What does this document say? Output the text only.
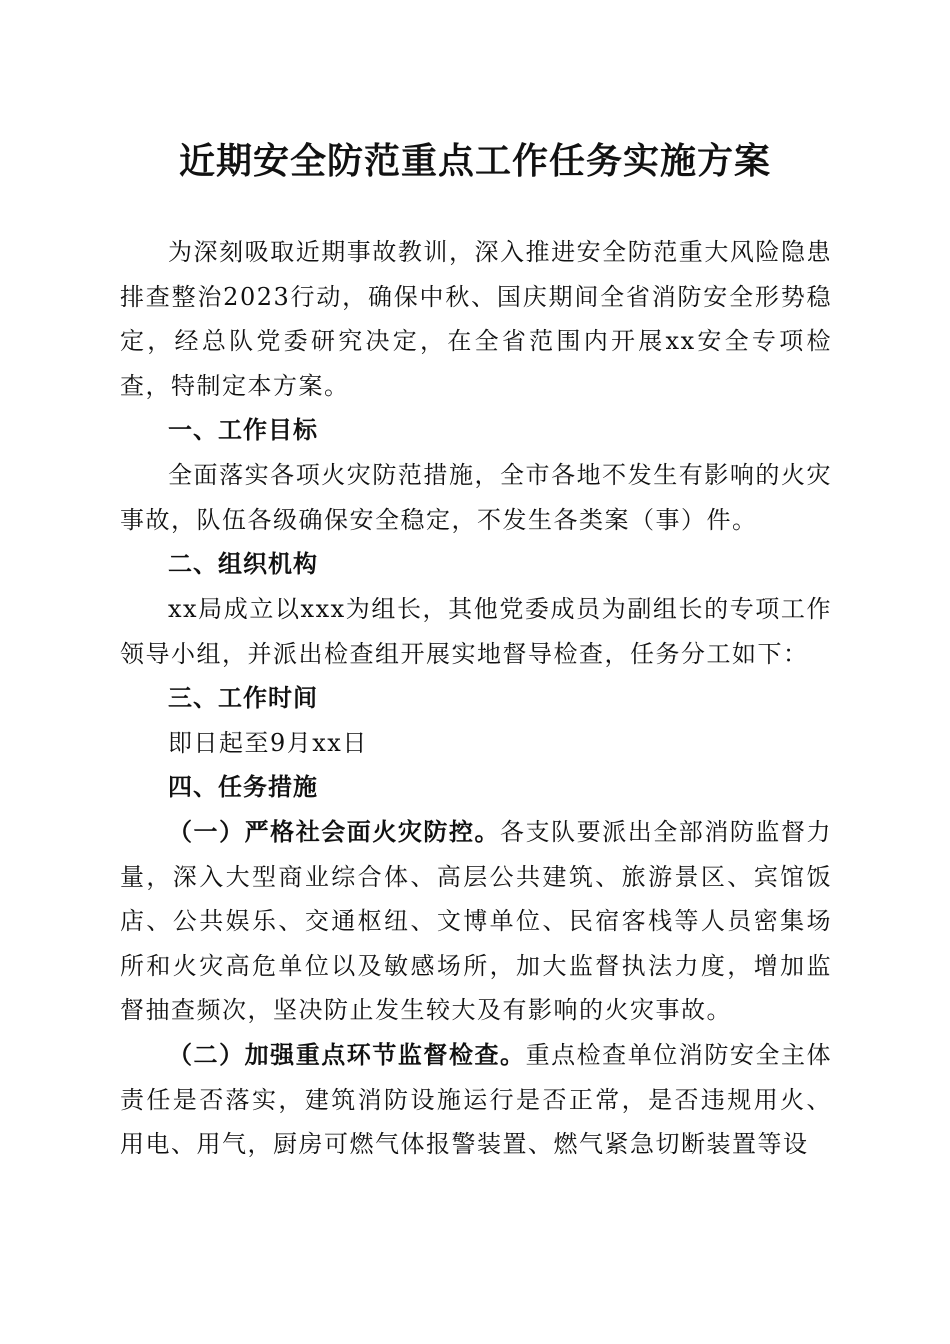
近期安全防范重点工作任务实施方案

为深刻吸取近期事故教训，深入推进安全防范重大风险隐患排查整治2023行动，确保中秋、国庆期间全省消防安全形势稳定，经总队党委研究决定，在全省范围内开展xx安全专项检查，特制定本方案。

一、工作目标

全面落实各项火灾防范措施，全市各地不发生有影响的火灾事故，队伍各级确保安全稳定，不发生各类案（事）件。

二、组织机构

xx局成立以xxx为组长，其他党委成员为副组长的专项工作领导小组，并派出检查组开展实地督导检查，任务分工如下：

三、工作时间

即日起至9月xx日

四、任务措施

（一）严格社会面火灾防控。各支队要派出全部消防监督力量，深入大型商业综合体、高层公共建筑、旅游景区、宾馆饭店、公共娱乐、交通枢纽、文博单位、民宿客栈等人员密集场所和火灾高危单位以及敏感场所，加大监督执法力度，增加监督抽查频次，坚决防止发生较大及有影响的火灾事故。

（二）加强重点环节监督检查。重点检查单位消防安全主体责任是否落实，建筑消防设施运行是否正常，是否违规用火、用电、用气，厨房可燃气体报警装置、燃气紧急切断装置等设
